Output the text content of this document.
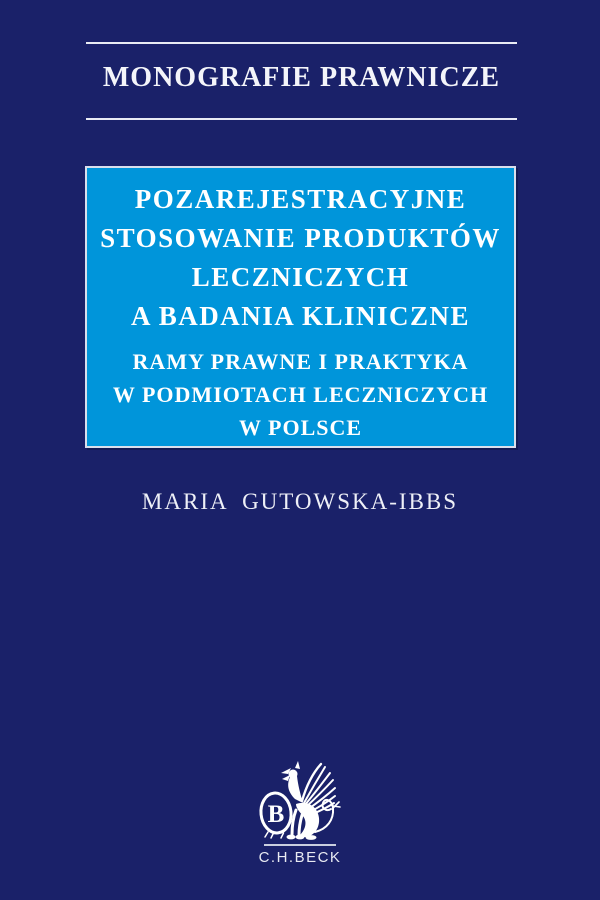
MONOGRAFIE PRAWNICZE
POZAREJESTRACYJNE
STOSOWANIE PRODUKTÓW
LECZNICZYCH
A BADANIA KLINICZNE
RAMY PRAWNE I PRAKTYKA
W PODMIOTACH LECZNICZYCH
W POLSCE
MARIA GUTOWSKA-IBBS
B
C.H.BECK
